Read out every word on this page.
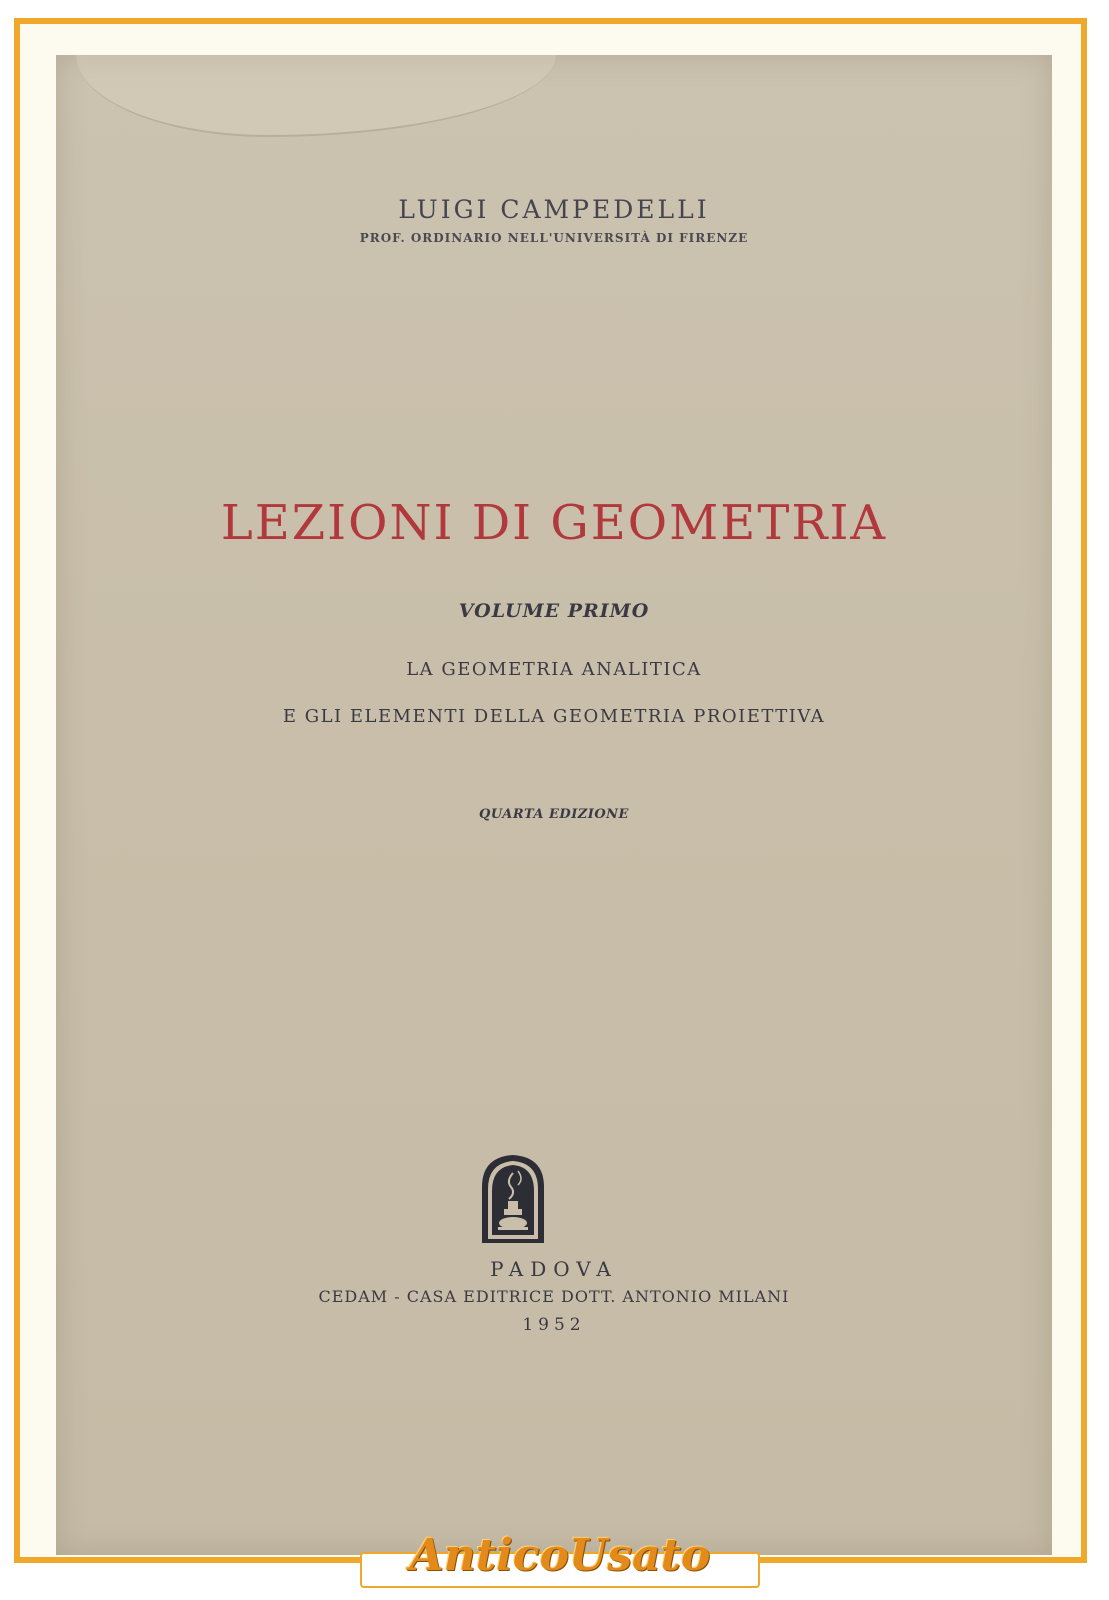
LUIGI CAMPEDELLI
PROF. ORDINARIO NELL'UNIVERSITÀ DI FIRENZE
LEZIONI DI GEOMETRIA
VOLUME PRIMO
LA GEOMETRIA ANALITICA
E GLI ELEMENTI DELLA GEOMETRIA PROIETTIVA
QUARTA EDIZIONE
PADOVA
CEDAM - CASA EDITRICE DOTT. ANTONIO MILANI
1952
AnticoUsato
